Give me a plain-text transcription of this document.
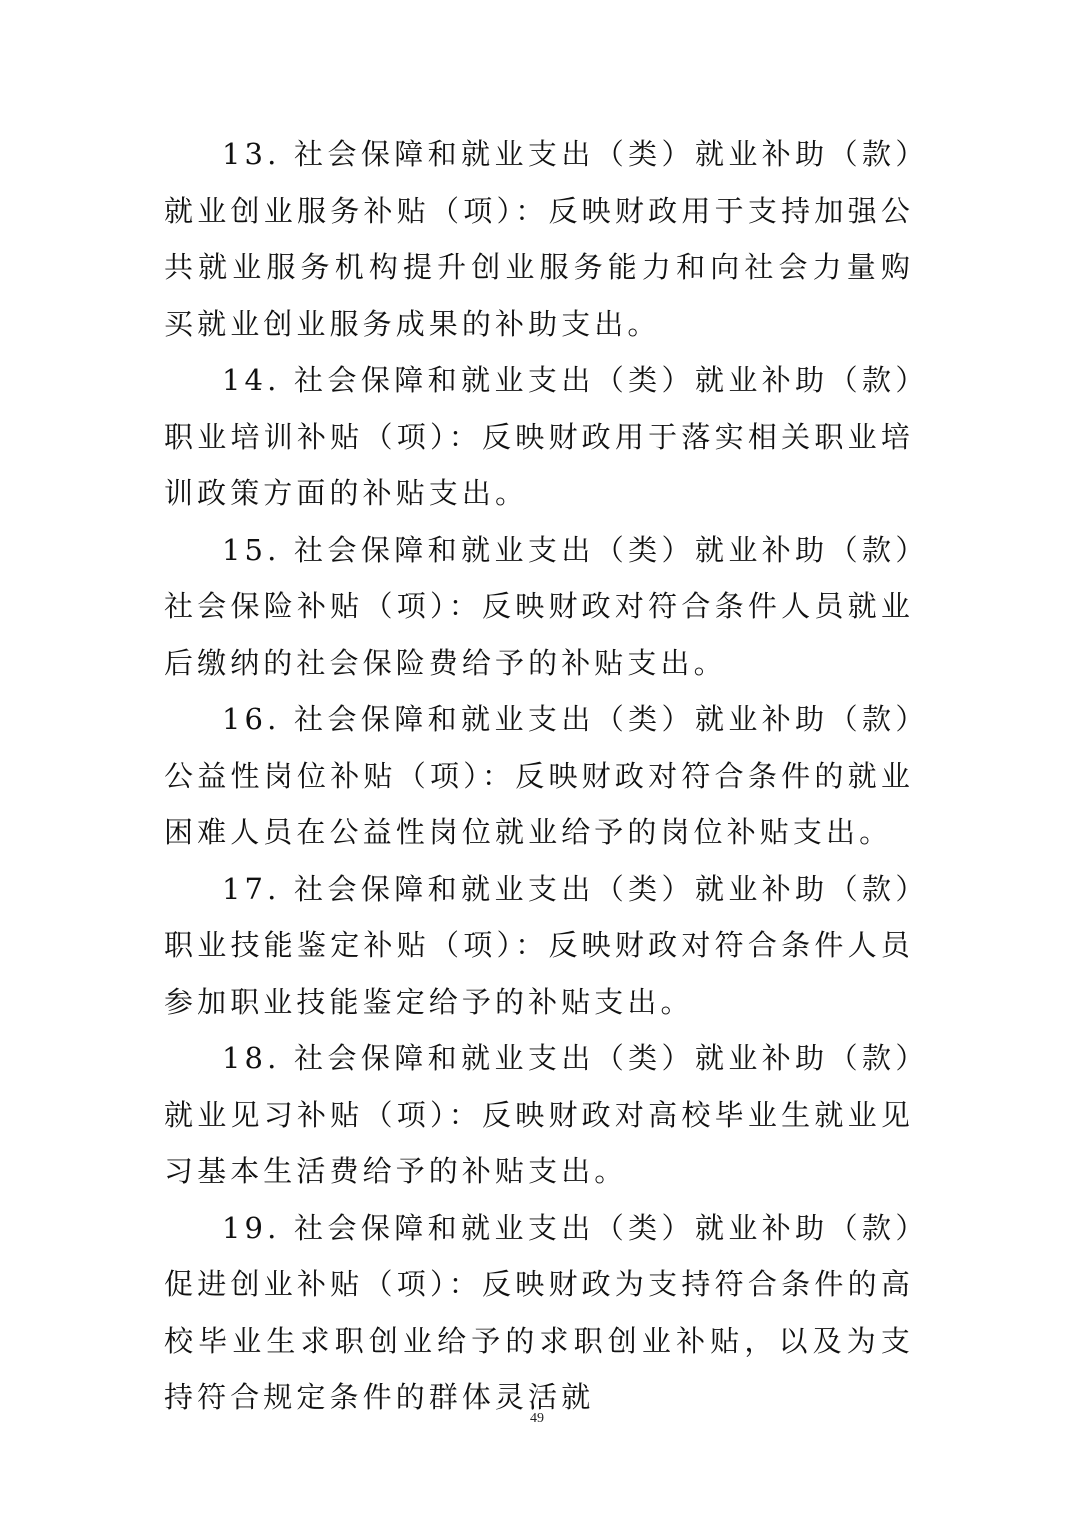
13. 社会保障和就业支出（类）就业补助（款）就业创业服务补贴（项）：反映财政用于支持加强公共就业服务机构提升创业服务能力和向社会力量购买就业创业服务成果的补助支出。

14. 社会保障和就业支出（类）就业补助（款）职业培训补贴（项）：反映财政用于落实相关职业培训政策方面的补贴支出。

15. 社会保障和就业支出（类）就业补助（款）社会保险补贴（项）：反映财政对符合条件人员就业后缴纳的社会保险费给予的补贴支出。

16. 社会保障和就业支出（类）就业补助（款）公益性岗位补贴（项）：反映财政对符合条件的就业困难人员在公益性岗位就业给予的岗位补贴支出。

17. 社会保障和就业支出（类）就业补助（款）职业技能鉴定补贴（项）：反映财政对符合条件人员参加职业技能鉴定给予的补贴支出。

18. 社会保障和就业支出（类）就业补助（款）就业见习补贴（项）：反映财政对高校毕业生就业见习基本生活费给予的补贴支出。

19. 社会保障和就业支出（类）就业补助（款）促进创业补贴（项）：反映财政为支持符合条件的高校毕业生求职创业给予的求职创业补贴，以及为支持符合规定条件的群体灵活就

49
